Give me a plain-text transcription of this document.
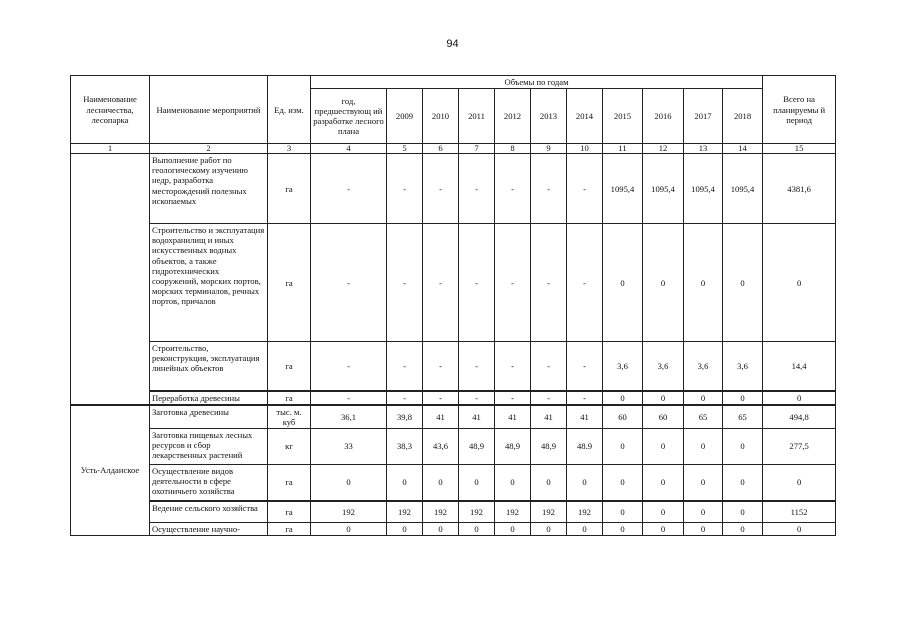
94
Наименование лесничества, лесопарка	Наименование мероприятий	Ед. изм.	Объемы по годам											Всего на планируемы й период
			год, предшествующ ий разработке лесного плана	2009	2010	2011	2012	2013	2014	2015	2016	2017	2018	
1	2	3	4	5	6	7	8	9	10	11	12	13	14	15
	Выполнение работ по геологическому изучению недр, разработка месторождений полезных ископаемых	га	-	-	-	-	-	-	-	1095,4	1095,4	1095,4	1095,4	4381,6
	Строительство и эксплуатация водохранилищ и иных искусственных водных объектов, а также гидротехнических сооружений, морских портов, морских терминалов, речных портов, причалов	га	-	-	-	-	-	-	-	0	0	0	0	0
	Строительство, реконструкция, эксплуатация линейных объектов	га	-	-	-	-	-	-	-	3,6	3,6	3,6	3,6	14,4
	Переработка древесины	га	-	-	-	-	-	-	-	0	0	0	0	0
Усть-Алданское	Заготовка древесины	тыс. м. куб	36,1	39,8	41	41	41	41	41	60	60	65	65	494,8
	Заготовка пищевых лесных ресурсов и сбор лекарственных растений	кг	33	38,3	43,6	48,9	48,9	48,9	48.9	0	0	0	0	277,5
	Осуществление видов деятельности в сфере охотничьего хозяйства	га	0	0	0	0	0	0	0	0	0	0	0	0
	Ведение сельского хозяйства	га	192	192	192	192	192	192	192	0	0	0	0	1152
	Осуществление научно-	га	0	0	0	0	0	0	0	0	0	0	0	0
